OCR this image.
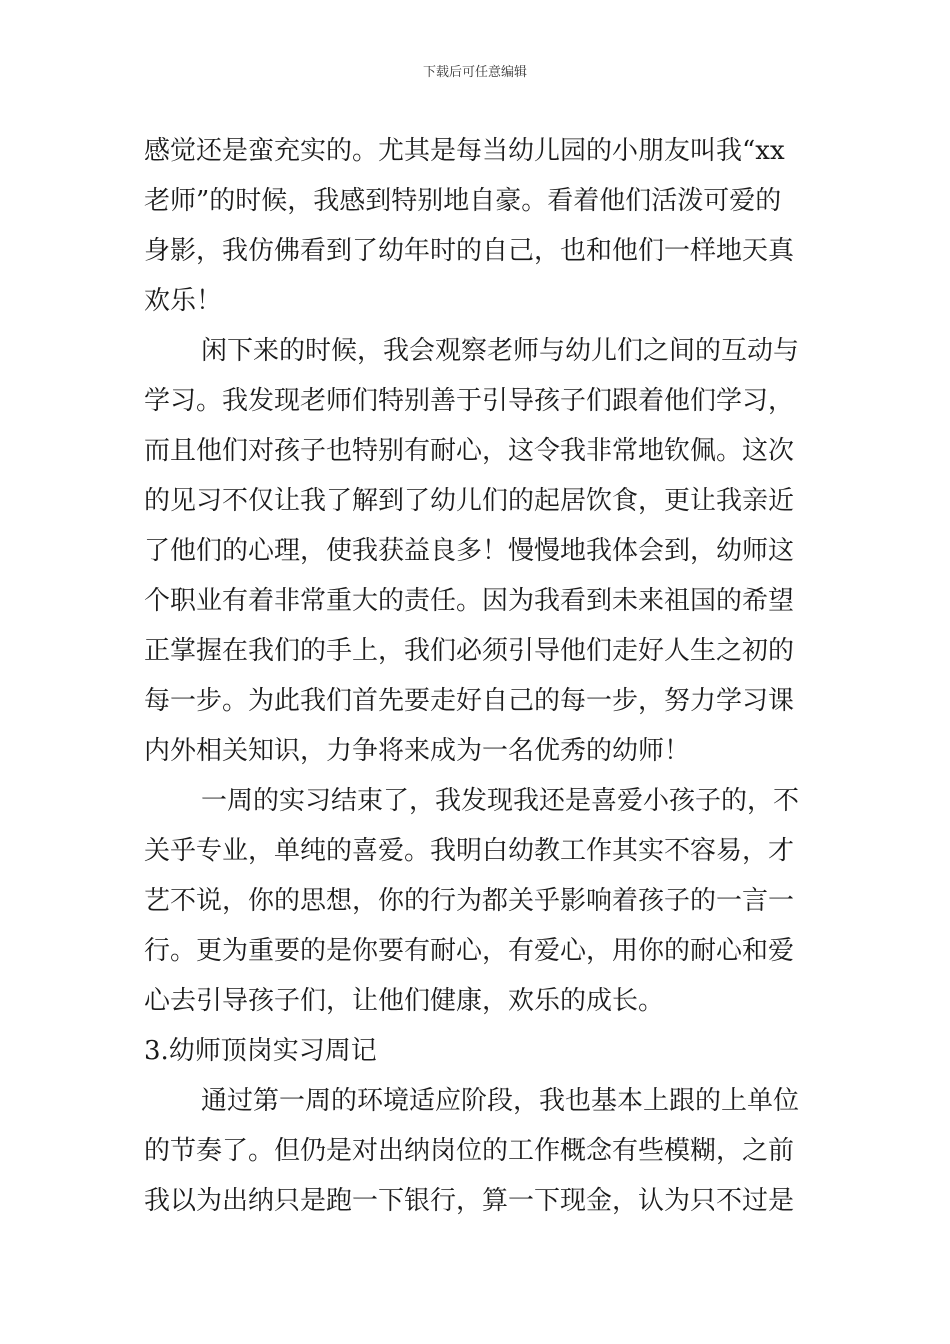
下载后可任意编辑
感觉还是蛮充实的。尤其是每当幼儿园的小朋友叫我“xx
老师”的时候，我感到特别地自豪。看着他们活泼可爱的
身影，我仿佛看到了幼年时的自己，也和他们一样地天真
欢乐！
闲下来的时候，我会观察老师与幼儿们之间的互动与
学习。我发现老师们特别善于引导孩子们跟着他们学习，
而且他们对孩子也特别有耐心，这令我非常地钦佩。这次
的见习不仅让我了解到了幼儿们的起居饮食，更让我亲近
了他们的心理，使我获益良多！慢慢地我体会到，幼师这
个职业有着非常重大的责任。因为我看到未来祖国的希望
正掌握在我们的手上，我们必须引导他们走好人生之初的
每一步。为此我们首先要走好自己的每一步，努力学习课
内外相关知识，力争将来成为一名优秀的幼师！
一周的实习结束了，我发现我还是喜爱小孩子的，不
关乎专业，单纯的喜爱。我明白幼教工作其实不容易，才
艺不说，你的思想，你的行为都关乎影响着孩子的一言一
行。更为重要的是你要有耐心，有爱心，用你的耐心和爱
心去引导孩子们，让他们健康，欢乐的成长。
3.幼师顶岗实习周记
通过第一周的环境适应阶段，我也基本上跟的上单位
的节奏了。但仍是对出纳岗位的工作概念有些模糊，之前
我以为出纳只是跑一下银行，算一下现金，认为只不过是
